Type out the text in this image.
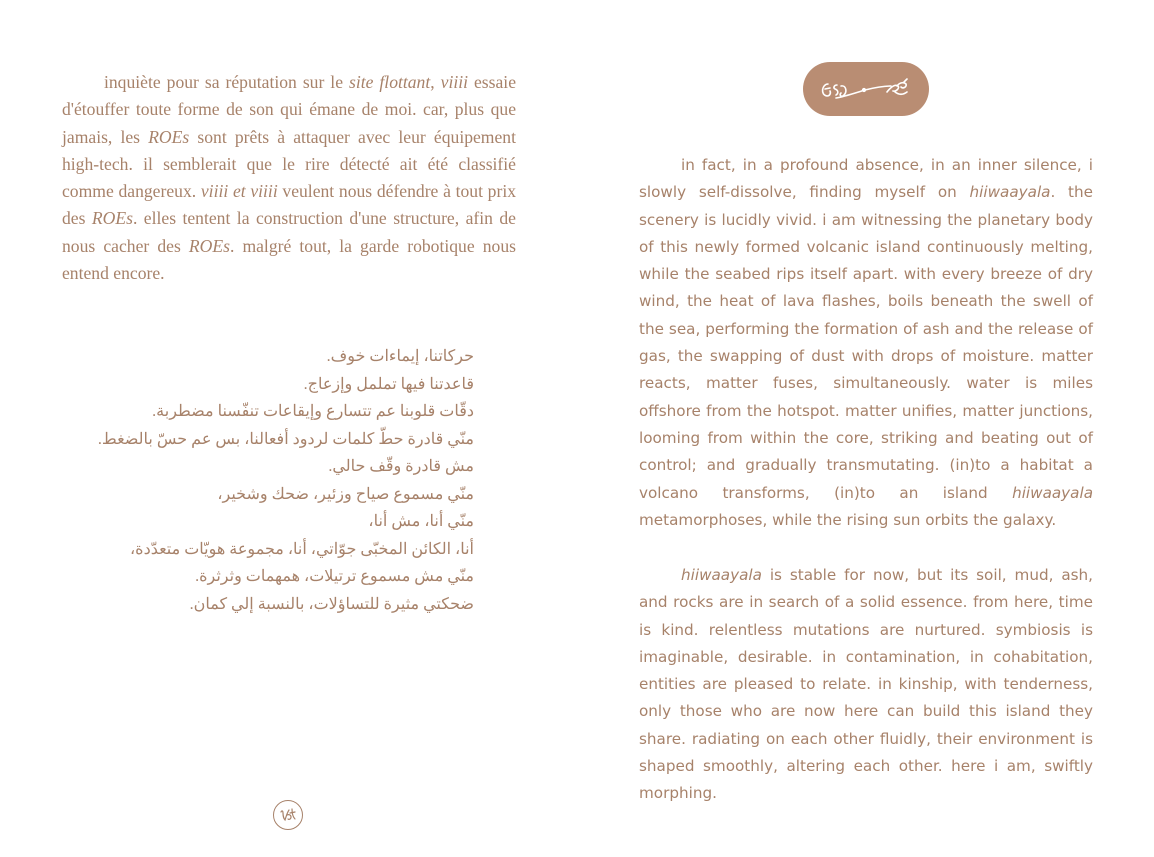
inquiète pour sa réputation sur le site flottant, viiii essaie d'étouffer toute forme de son qui émane de moi. car, plus que jamais, les ROEs sont prêts à attaquer avec leur équipement high-tech. il semblerait que le rire détecté ait été classifié comme dangereux. viiii et viiii veulent nous défendre à tout prix des ROEs. elles tentent la construction d'une structure, afin de nous cacher des ROEs. malgré tout, la garde robotique nous entend encore.

حركاتنا، إيماءات خوف.
قاعدتنا فيها تململ وإزعاج.
دقّات قلوبنا عم تتسارع وإيقاعات تنفّسنا مضطربة.
منّي قادرة حطّ كلمات لردود أفعالنا، بس عم حسّ بالضغط.
مش قادرة وقّف حالي.
منّي مسموع صياح وزئير، ضحك وشخير،
منّي أنا، مش أنا،
أنا، الكائن المخبّى جوّاتي، أنا، مجموعة هويّات متعدّدة،
منّي مش مسموع ترتيلات، همهمات وثرثرة.
ضحكتي مثيرة للتساؤلات، بالنسبة إلي كمان.

in fact, in a profound absence, in an inner silence, i slowly self-dissolve, finding myself on hiiwaayala. the scenery is lucidly vivid. i am witnessing the planetary body of this newly formed volcanic island continuously melting, while the seabed rips itself apart. with every breeze of dry wind, the heat of lava flashes, boils beneath the swell of the sea, performing the formation of ash and the release of gas, the swapping of dust with drops of moisture. matter reacts, matter fuses, simultaneously. water is miles offshore from the hotspot. matter unifies, matter junctions, looming from within the core, striking and beating out of control; and gradually transmutating. (in)to a habitat a volcano transforms, (in)to an island hiiwaayala metamorphoses, while the rising sun orbits the galaxy.

hiiwaayala is stable for now, but its soil, mud, ash, and rocks are in search of a solid essence. from here, time is kind. relentless mutations are nurtured. symbiosis is imaginable, desirable. in contamination, in cohabitation, entities are pleased to relate. in kinship, with tenderness, only those who are now here can build this island they share. radiating on each other fluidly, their environment is shaped smoothly, altering each other. here i am, swiftly morphing.
